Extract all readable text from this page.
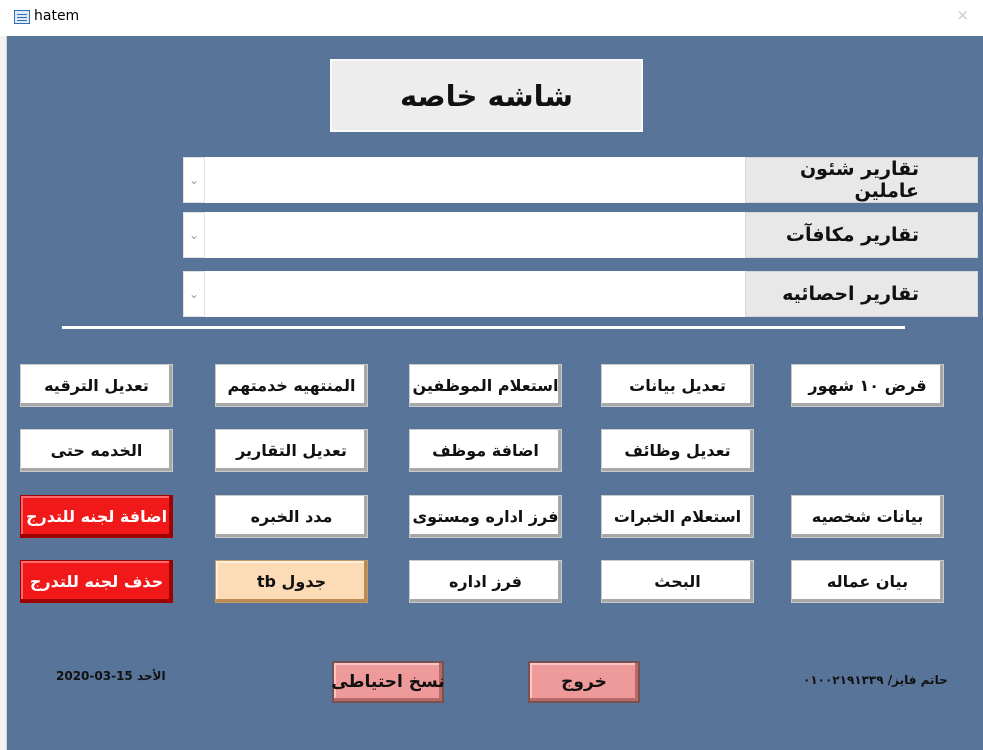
hatem	×
شاشه خاصه
⌄	تقارير شئون عاملين
⌄	تقارير مكافآت
⌄	تقارير احصائيه
قرض ١٠ شهور
تعديل بيانات
استعلام الموظفين
المنتهيه خدمتهم
تعديل الترقيه
تعديل وظائف
اضافة موظف
تعديل التقارير
الخدمه حتى
بيانات شخصيه
استعلام الخبرات
فرز اداره ومستوى
مدد الخبره
اضافة لجنه للتدرج
بيان عماله
البحث
فرز اداره
جدول tb
حذف لجنه للتدرج
خروج
نسخ احتياطى
الأحد 15-03-2020	حاتم فايز/ ٠١٠٠٢١٩١٣٣٩
